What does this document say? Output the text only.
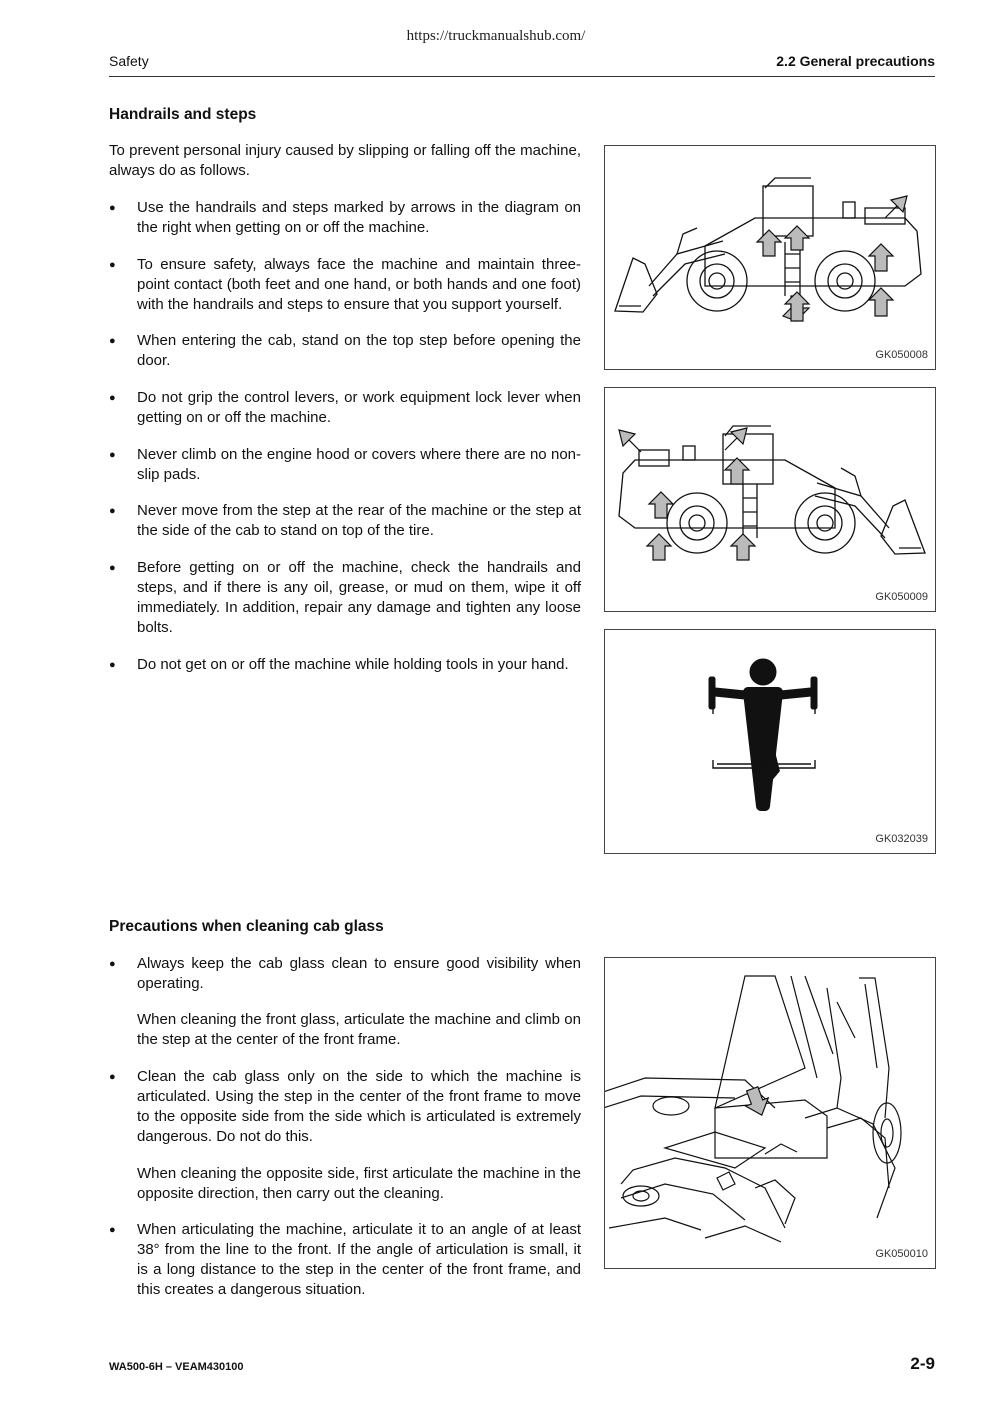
https://truckmanualshub.com/
Safety	2.2 General precautions
Handrails and steps

To prevent personal injury caused by slipping or falling off the machine, always do as follows.

● Use the handrails and steps marked by arrows in the diagram on the right when getting on or off the machine.
● To ensure safety, always face the machine and maintain three-point contact (both feet and one hand, or both hands and one foot) with the handrails and steps to ensure that you support yourself.
● When entering the cab, stand on the top step before opening the door.
● Do not grip the control levers, or work equipment lock lever when getting on or off the machine.
● Never climb on the engine hood or covers where there are no non-slip pads.
● Never move from the step at the rear of the machine or the step at the side of the cab to stand on top of the tire.
● Before getting on or off the machine, check the handrails and steps, and if there is any oil, grease, or mud on them, wipe it off immediately. In addition, repair any damage and tighten any loose bolts.
● Do not get on or off the machine while holding tools in your hand.
GK050008
GK050009
GK032039
Precautions when cleaning cab glass
● Always keep the cab glass clean to ensure good visibility when operating.

When cleaning the front glass, articulate the machine and climb on the step at the center of the front frame.

● Clean the cab glass only on the side to which the machine is articulated. Using the step in the center of the front frame to move to the opposite side from the side which is articulated is extremely dangerous. Do not do this.

When cleaning the opposite side, first articulate the machine in the opposite direction, then carry out the cleaning.

● When articulating the machine, articulate it to an angle of at least 38° from the line to the front. If the angle of articulation is small, it is a long distance to the step in the center of the front frame, and this creates a dangerous situation.
GK050010
WA500-6H – VEAM430100	2-9
